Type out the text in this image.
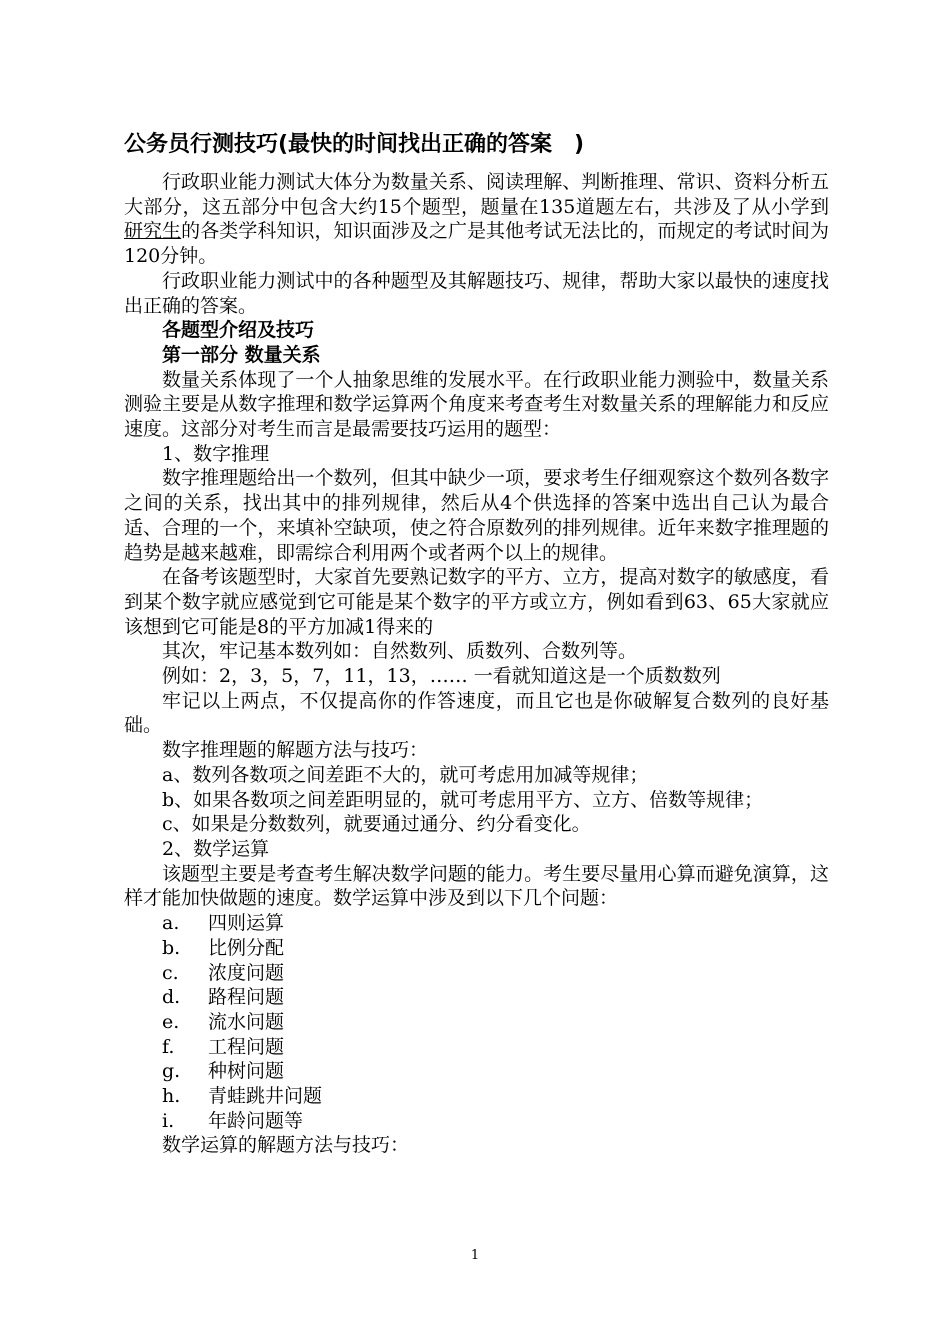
公务员行测技巧(最快的时间找出正确的答案　)

行政职业能力测试大体分为数量关系、阅读理解、判断推理、常识、资料分析五大部分，这五部分中包含大约15个题型，题量在135道题左右，共涉及了从小学到研究生的各类学科知识，知识面涉及之广是其他考试无法比的，而规定的考试时间为120分钟。

行政职业能力测试中的各种题型及其解题技巧、规律，帮助大家以最快的速度找出正确的答案。

各题型介绍及技巧
第一部分 数量关系

数量关系体现了一个人抽象思维的发展水平。在行政职业能力测验中，数量关系测验主要是从数字推理和数学运算两个角度来考查考生对数量关系的理解能力和反应速度。这部分对考生而言是最需要技巧运用的题型：

1、数字推理

数字推理题给出一个数列，但其中缺少一项，要求考生仔细观察这个数列各数字之间的关系，找出其中的排列规律，然后从4个供选择的答案中选出自己认为最合适、合理的一个，来填补空缺项，使之符合原数列的排列规律。近年来数字推理题的趋势是越来越难，即需综合利用两个或者两个以上的规律。

在备考该题型时，大家首先要熟记数字的平方、立方，提高对数字的敏感度，看到某个数字就应感觉到它可能是某个数字的平方或立方，例如看到63、65大家就应该想到它可能是8的平方加减1得来的

其次，牢记基本数列如：自然数列、质数列、合数列等。
例如：2，3，5，7，11，13，…… 一看就知道这是一个质数数列

牢记以上两点，不仅提高你的作答速度，而且它也是你破解复合数列的良好基础。

数字推理题的解题方法与技巧：
a、数列各数项之间差距不大的，就可考虑用加减等规律；
b、如果各数项之间差距明显的，就可考虑用平方、立方、倍数等规律；
c、如果是分数数列，就要通过通分、约分看变化。
2、数学运算

该题型主要是考查考生解决数学问题的能力。考生要尽量用心算而避免演算，这样才能加快做题的速度。数学运算中涉及到以下几个问题：

a. 四则运算
b. 比例分配
c. 浓度问题
d. 路程问题
e. 流水问题
f. 工程问题
g. 种树问题
h. 青蛙跳井问题
i. 年龄问题等
数学运算的解题方法与技巧：
1
